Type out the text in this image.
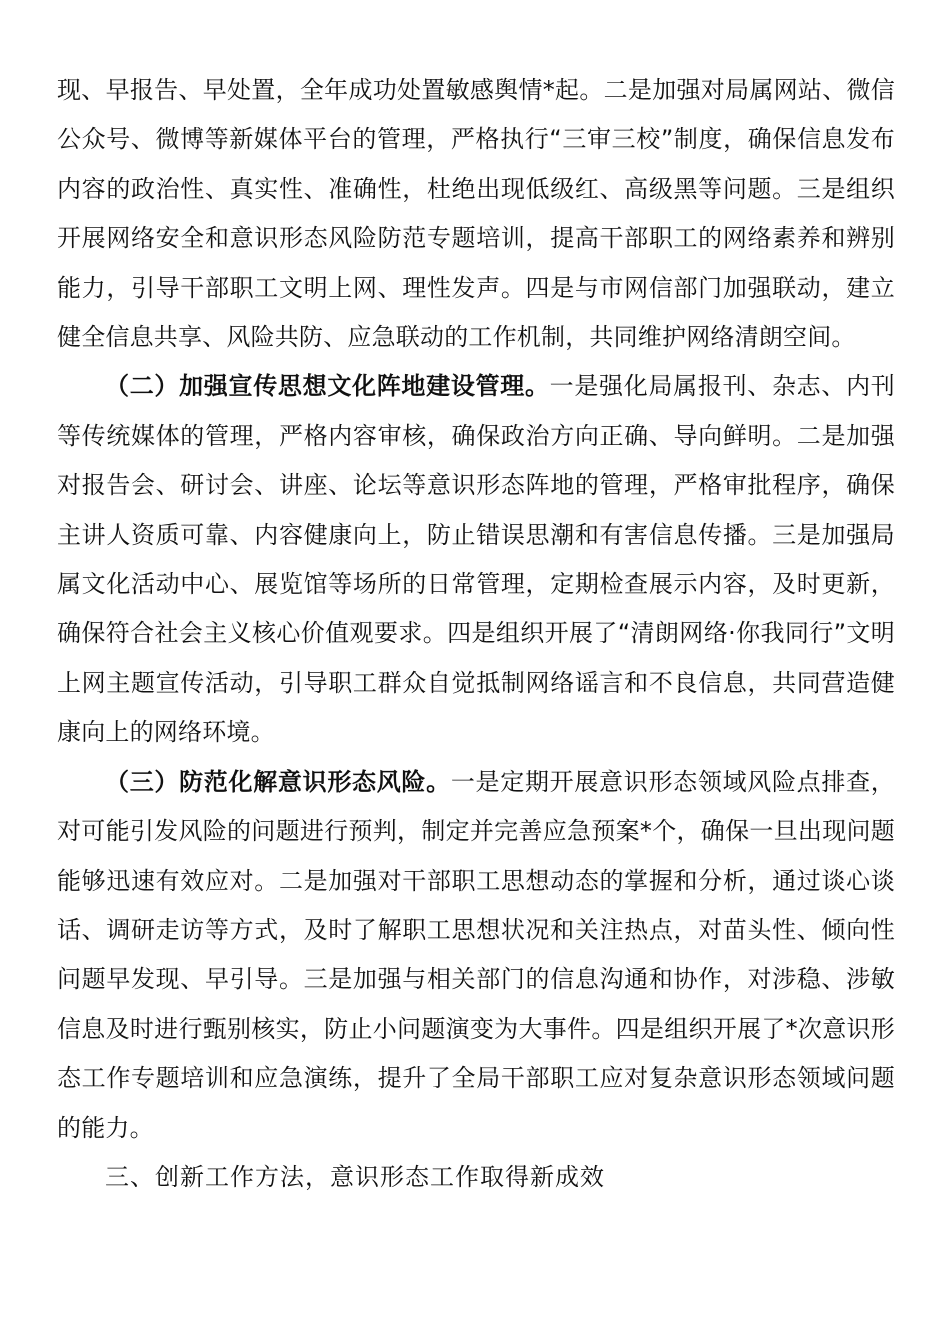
现、早报告、早处置，全年成功处置敏感舆情*起。二是加强对局属网站、微信公众号、微博等新媒体平台的管理，严格执行“三审三校”制度，确保信息发布内容的政治性、真实性、准确性，杜绝出现低级红、高级黑等问题。三是组织开展网络安全和意识形态风险防范专题培训，提高干部职工的网络素养和辨别能力，引导干部职工文明上网、理性发声。四是与市网信部门加强联动，建立健全信息共享、风险共防、应急联动的工作机制，共同维护网络清朗空间。

（二）加强宣传思想文化阵地建设管理。一是强化局属报刊、杂志、内刊等传统媒体的管理，严格内容审核，确保政治方向正确、导向鲜明。二是加强对报告会、研讨会、讲座、论坛等意识形态阵地的管理，严格审批程序，确保主讲人资质可靠、内容健康向上，防止错误思潮和有害信息传播。三是加强局属文化活动中心、展览馆等场所的日常管理，定期检查展示内容，及时更新，确保符合社会主义核心价值观要求。四是组织开展了“清朗网络·你我同行”文明上网主题宣传活动，引导职工群众自觉抵制网络谣言和不良信息，共同营造健康向上的网络环境。

（三）防范化解意识形态风险。一是定期开展意识形态领域风险点排查，对可能引发风险的问题进行预判，制定并完善应急预案*个，确保一旦出现问题能够迅速有效应对。二是加强对干部职工思想动态的掌握和分析，通过谈心谈话、调研走访等方式，及时了解职工思想状况和关注热点，对苗头性、倾向性问题早发现、早引导。三是加强与相关部门的信息沟通和协作，对涉稳、涉敏信息及时进行甄别核实，防止小问题演变为大事件。四是组织开展了*次意识形态工作专题培训和应急演练，提升了全局干部职工应对复杂意识形态领域问题的能力。

三、创新工作方法，意识形态工作取得新成效
